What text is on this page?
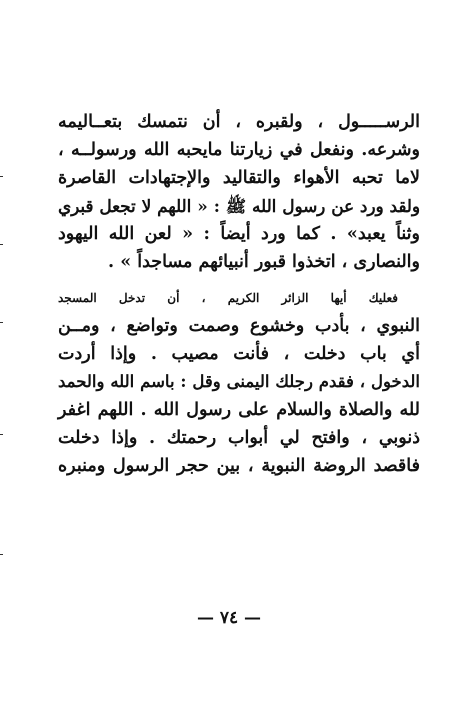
الرســـــول ، ولقبره ، أن نتمسك بتعــاليمه
وشرعه. ونفعل في زيارتنا مايحبه الله ورسولــه ،
لاما تحبه الأهواء والتقاليد والإجتهادات القاصرة
ولقد ورد عن رسول الله ﷺ : « اللهم لا تجعل قبري
وثناً يعبد» . كما ورد أيضاً : « لعن الله اليهود
والنصارى ، اتخذوا قبور أنبيائهم مساجداً » .

فعليك أيها الزائر الكريم ، أن تدخل المسجد
النبوي ، بأدب وخشوع وصمت وتواضع ، ومــن
أي باب دخلت ، فأنت مصيب . وإذا أردت
الدخول ، فقدم رجلك اليمنى وقل : باسم الله والحمد
لله والصلاة والسلام على رسول الله . اللهم اغفر
ذنوبي ، وافتح لي أبواب رحمتك . وإذا دخلت
فاقصد الروضة النبوية ، بين حجر الرسول ومنبره

— ٧٤ —
